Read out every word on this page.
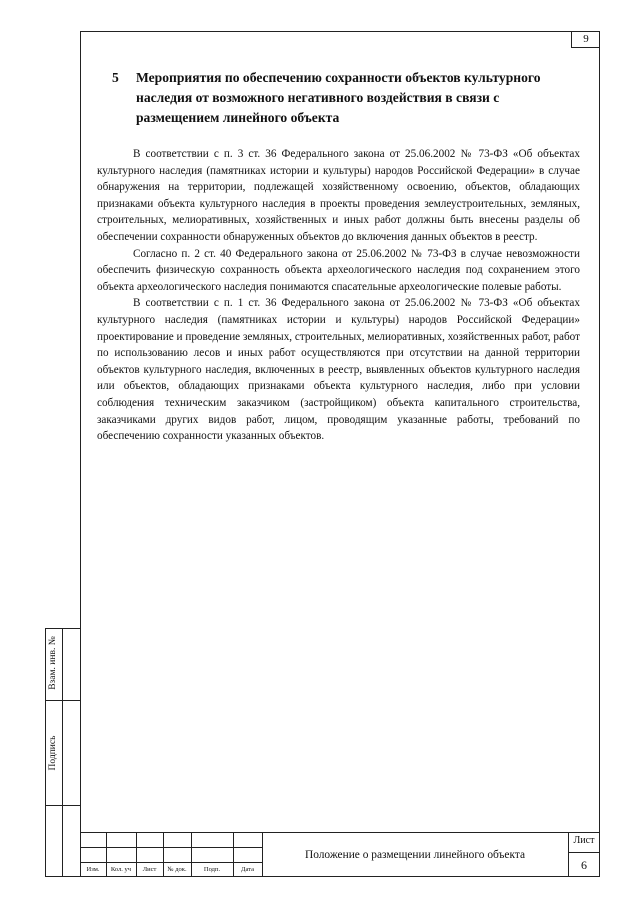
9
5 Мероприятия по обеспечению сохранности объектов культурного наследия от возможного негативного воздействия в связи с размещением линейного объекта

В соответствии с п. 3 ст. 36 Федерального закона от 25.06.2002 № 73-ФЗ «Об объектах культурного наследия (памятниках истории и культуры) народов Российской Федерации» в случае обнаружения на территории, подлежащей хозяйственному освоению, объектов, обладающих признаками объекта культурного наследия в проекты проведения землеустроительных, земляных, строительных, мелиоративных, хозяйственных и иных работ должны быть внесены разделы об обеспечении сохранности обнаруженных объектов до включения данных объектов в реестр.

Согласно п. 2 ст. 40 Федерального закона от 25.06.2002 № 73-ФЗ в случае невозможности обеспечить физическую сохранность объекта археологического наследия под сохранением этого объекта археологического наследия понимаются спасательные археологические полевые работы.

В соответствии с п. 1 ст. 36 Федерального закона от 25.06.2002 № 73-ФЗ «Об объектах культурного наследия (памятниках истории и культуры) народов Российской Федерации» проектирование и проведение земляных, строительных, мелиоративных, хозяйственных работ, работ по использованию лесов и иных работ осуществляются при отсутствии на данной территории объектов культурного наследия, включенных в реестр, выявленных объектов культурного наследия или объектов, обладающих признаками объекта культурного наследия, либо при условии соблюдения техническим заказчиком (застройщиком) объекта капитального строительства, заказчиками других видов работ, лицом, проводящим указанные работы, требований по обеспечению сохранности указанных объектов.

Взам. инв. №
Подпись
Изм.	Кол. уч	Лист	№ док.	Подп.	Дата
Положение о размещении линейного объекта
Лист
6
